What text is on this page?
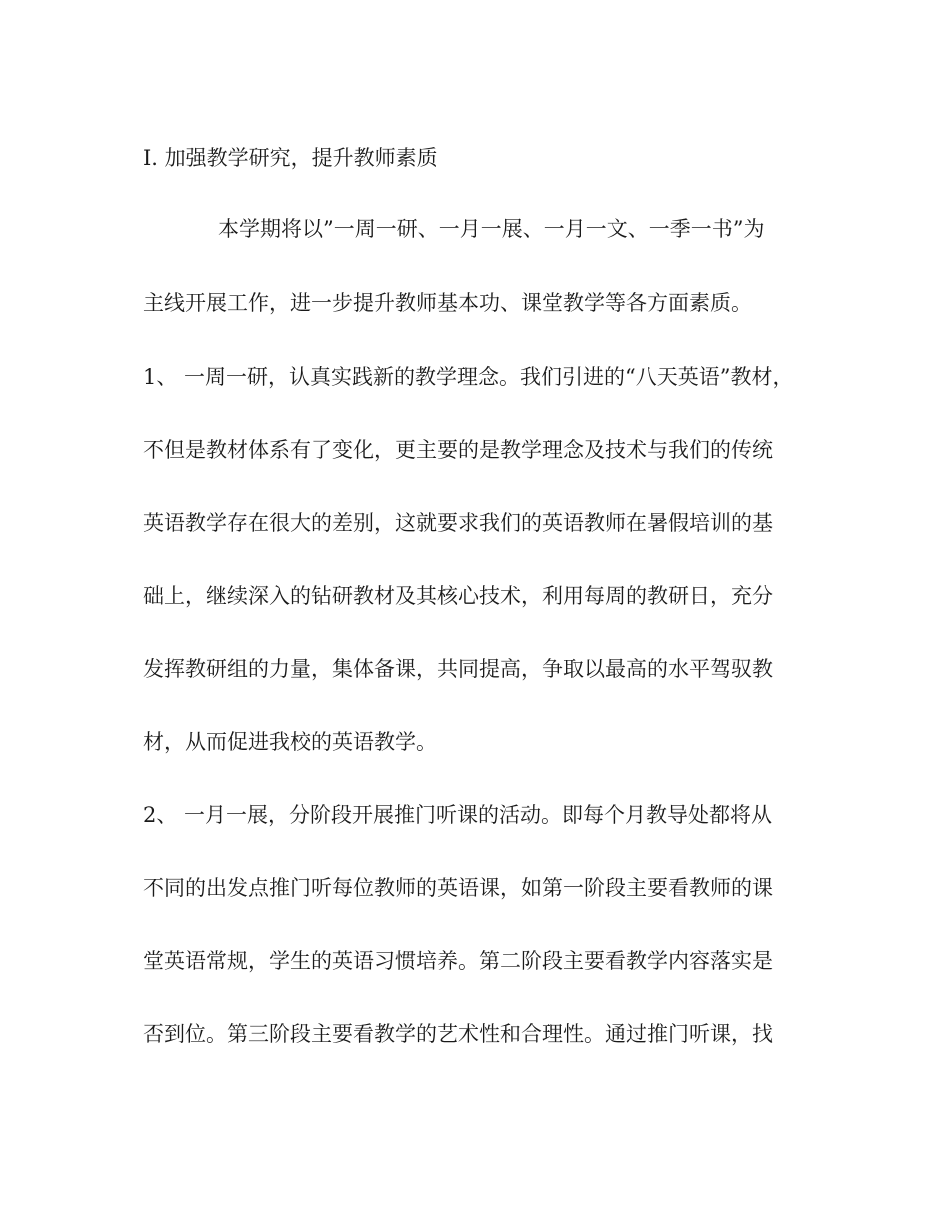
I. 加强教学研究，提升教师素质
本学期将以”一周一研、一月一展、一月一文、一季一书”为
主线开展工作，进一步提升教师基本功、课堂教学等各方面素质。
1、 一周一研，认真实践新的教学理念。我们引进的“八天英语”教材，
不但是教材体系有了变化，更主要的是教学理念及技术与我们的传统
英语教学存在很大的差别，这就要求我们的英语教师在暑假培训的基
础上，继续深入的钻研教材及其核心技术，利用每周的教研日，充分
发挥教研组的力量，集体备课，共同提高，争取以最高的水平驾驭教
材，从而促进我校的英语教学。
2、 一月一展，分阶段开展推门听课的活动。即每个月教导处都将从
不同的出发点推门听每位教师的英语课，如第一阶段主要看教师的课
堂英语常规，学生的英语习惯培养。第二阶段主要看教学内容落实是
否到位。第三阶段主要看教学的艺术性和合理性。通过推门听课，找
